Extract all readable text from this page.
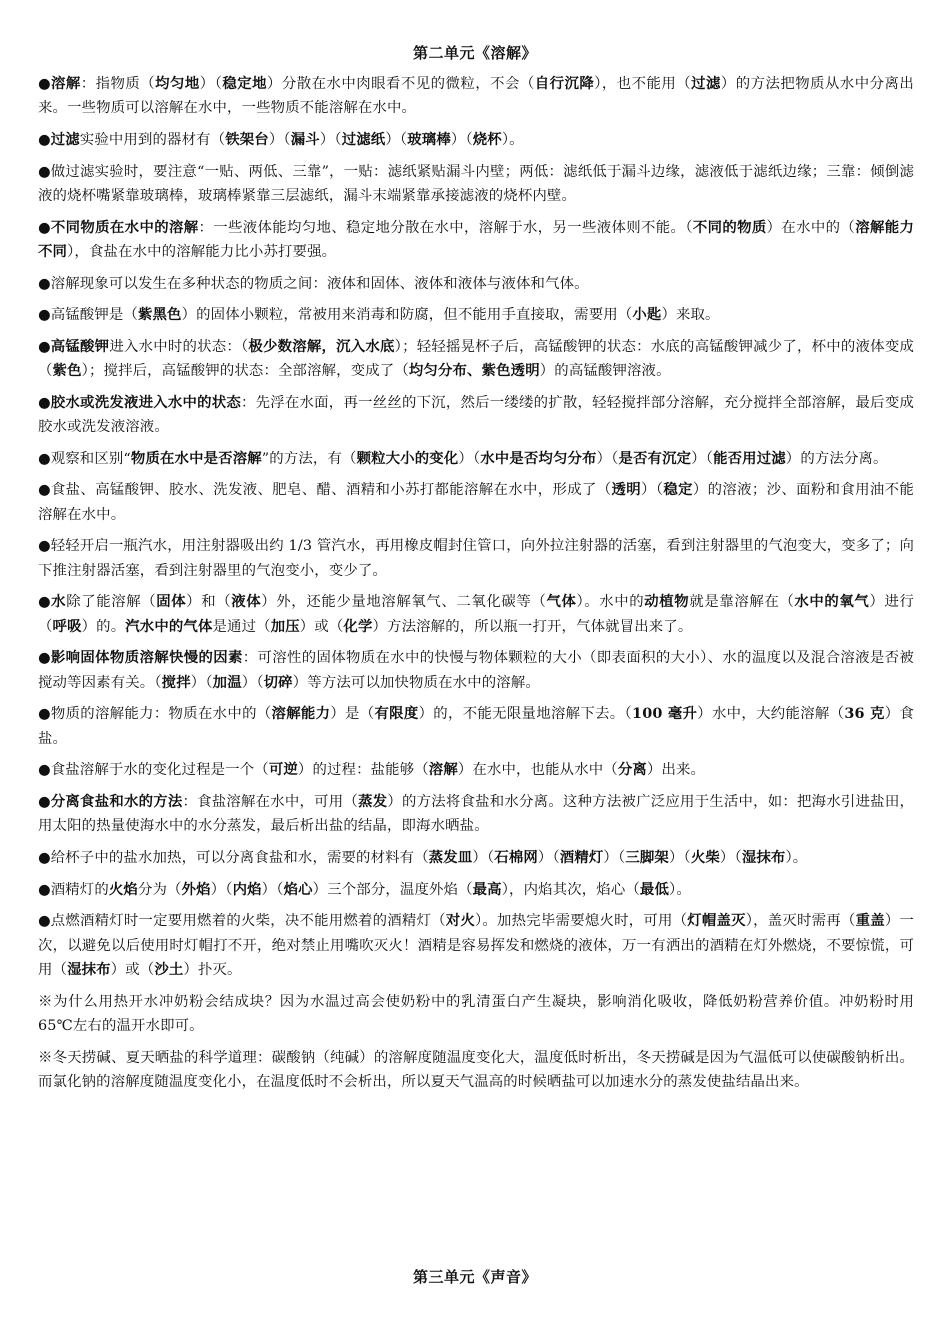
第二单元《溶解》

●溶解：指物质（均匀地）（稳定地）分散在水中肉眼看不见的微粒，不会（自行沉降），也不能用（过滤）的方法把物质从水中分离出来。一些物质可以溶解在水中，一些物质不能溶解在水中。

●过滤实验中用到的器材有（铁架台）（漏斗）（过滤纸）（玻璃棒）（烧杯）。

●做过滤实验时，要注意“一贴、两低、三靠”，一贴：滤纸紧贴漏斗内壁；两低：滤纸低于漏斗边缘，滤液低于滤纸边缘；三靠：倾倒滤液的烧杯嘴紧靠玻璃棒，玻璃棒紧靠三层滤纸，漏斗末端紧靠承接滤液的烧杯内壁。

●不同物质在水中的溶解：一些液体能均匀地、稳定地分散在水中，溶解于水，另一些液体则不能。（不同的物质）在水中的（溶解能力不同），食盐在水中的溶解能力比小苏打要强。

●溶解现象可以发生在多种状态的物质之间：液体和固体、液体和液体与液体和气体。

●高锰酸钾是（紫黑色）的固体小颗粒，常被用来消毒和防腐，但不能用手直接取，需要用（小匙）来取。

●高锰酸钾进入水中时的状态：（极少数溶解，沉入水底）；轻轻摇晃杯子后，高锰酸钾的状态：水底的高锰酸钾减少了，杯中的液体变成（紫色）；搅拌后，高锰酸钾的状态：全部溶解，变成了（均匀分布、紫色透明）的高锰酸钾溶液。

●胶水或洗发液进入水中的状态：先浮在水面，再一丝丝的下沉，然后一缕缕的扩散，轻轻搅拌部分溶解，充分搅拌全部溶解，最后变成胶水或洗发液溶液。

●观察和区别“物质在水中是否溶解”的方法，有（颗粒大小的变化）（水中是否均匀分布）（是否有沉定）（能否用过滤）的方法分离。

●食盐、高锰酸钾、胶水、洗发液、肥皂、醋、酒精和小苏打都能溶解在水中，形成了（透明）（稳定）的溶液；沙、面粉和食用油不能溶解在水中。

●轻轻开启一瓶汽水，用注射器吸出约 1/3 管汽水，再用橡皮帽封住管口，向外拉注射器的活塞，看到注射器里的气泡变大，变多了；向下推注射器活塞，看到注射器里的气泡变小，变少了。

●水除了能溶解（固体）和（液体）外，还能少量地溶解氧气、二氧化碳等（气体）。水中的动植物就是靠溶解在（水中的氧气）进行（呼吸）的。汽水中的气体是通过（加压）或（化学）方法溶解的，所以瓶一打开，气体就冒出来了。

●影响固体物质溶解快慢的因素：可溶性的固体物质在水中的快慢与物体颗粒的大小（即表面积的大小）、水的温度以及混合溶液是否被搅动等因素有关。（搅拌）（加温）（切碎）等方法可以加快物质在水中的溶解。

●物质的溶解能力：物质在水中的（溶解能力）是（有限度）的，不能无限量地溶解下去。（100 毫升）水中，大约能溶解（36 克）食盐。

●食盐溶解于水的变化过程是一个（可逆）的过程：盐能够（溶解）在水中，也能从水中（分离）出来。

●分离食盐和水的方法：食盐溶解在水中，可用（蒸发）的方法将食盐和水分离。这种方法被广泛应用于生活中，如：把海水引进盐田，用太阳的热量使海水中的水分蒸发，最后析出盐的结晶，即海水晒盐。

●给杯子中的盐水加热，可以分离食盐和水，需要的材料有（蒸发皿）（石棉网）（酒精灯）（三脚架）（火柴）（湿抹布）。

●酒精灯的火焰分为（外焰）（内焰）（焰心）三个部分，温度外焰（最高），内焰其次，焰心（最低）。

●点燃酒精灯时一定要用燃着的火柴，决不能用燃着的酒精灯（对火）。加热完毕需要熄火时，可用（灯帽盖灭），盖灭时需再（重盖）一次，以避免以后使用时灯帽打不开，绝对禁止用嘴吹灭火！酒精是容易挥发和燃烧的液体，万一有洒出的酒精在灯外燃烧，不要惊慌，可用（湿抹布）或（沙土）扑灭。

※为什么用热开水冲奶粉会结成块？因为水温过高会使奶粉中的乳清蛋白产生凝块，影响消化吸收，降低奶粉营养价值。冲奶粉时用 65℃左右的温开水即可。

※冬天捞碱、夏天晒盐的科学道理：碳酸钠（纯碱）的溶解度随温度变化大，温度低时析出，冬天捞碱是因为气温低可以使碳酸钠析出。而氯化钠的溶解度随温度变化小，在温度低时不会析出，所以夏天气温高的时候晒盐可以加速水分的蒸发使盐结晶出来。

第三单元《声音》
